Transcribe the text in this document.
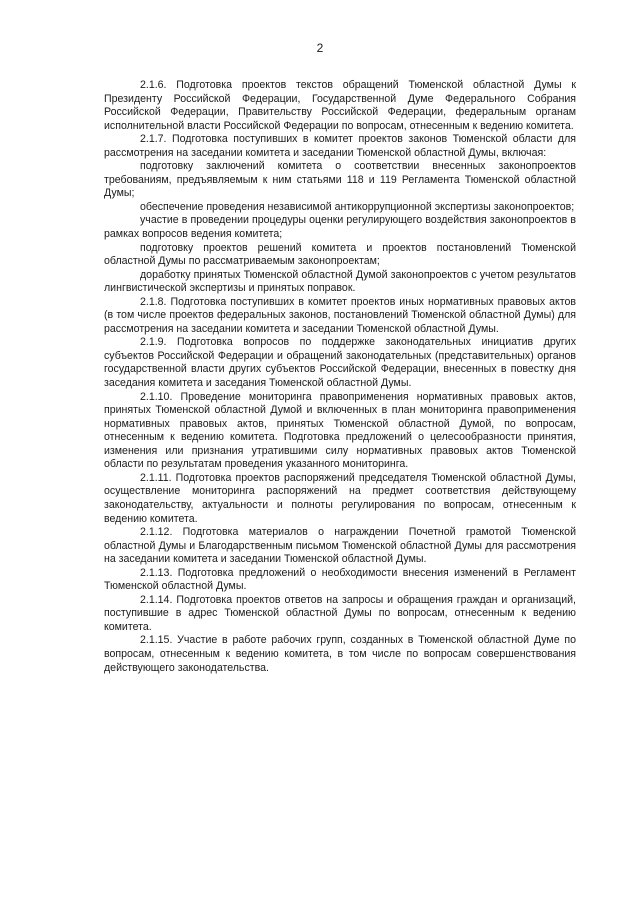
2

2.1.6. Подготовка проектов текстов обращений Тюменской областной Думы к Президенту Российской Федерации, Государственной Думе Федерального Собрания Российской Федерации, Правительству Российской Федерации, федеральным органам исполнительной власти Российской Федерации по вопросам, отнесенным к ведению комитета.

2.1.7. Подготовка поступивших в комитет проектов законов Тюменской области для рассмотрения на заседании комитета и заседании Тюменской областной Думы, включая:

подготовку заключений комитета о соответствии внесенных законопроектов требованиям, предъявляемым к ним статьями 118 и 119 Регламента Тюменской областной Думы;

обеспечение проведения независимой антикоррупционной экспертизы законопроектов;

участие в проведении процедуры оценки регулирующего воздействия законопроектов в рамках вопросов ведения комитета;

подготовку проектов решений комитета и проектов постановлений Тюменской областной Думы по рассматриваемым законопроектам;

доработку принятых Тюменской областной Думой законопроектов с учетом результатов лингвистической экспертизы и принятых поправок.

2.1.8. Подготовка поступивших в комитет проектов иных нормативных правовых актов (в том числе проектов федеральных законов, постановлений Тюменской областной Думы) для рассмотрения на заседании комитета и заседании Тюменской областной Думы.

2.1.9. Подготовка вопросов по поддержке законодательных инициатив других субъектов Российской Федерации и обращений законодательных (представительных) органов государственной власти других субъектов Российской Федерации, внесенных в повестку дня заседания комитета и заседания Тюменской областной Думы.

2.1.10. Проведение мониторинга правоприменения нормативных правовых актов, принятых Тюменской областной Думой и включенных в план мониторинга правоприменения нормативных правовых актов, принятых Тюменской областной Думой, по вопросам, отнесенным к ведению комитета. Подготовка предложений о целесообразности принятия, изменения или признания утратившими силу нормативных правовых актов Тюменской области по результатам проведения указанного мониторинга.

2.1.11. Подготовка проектов распоряжений председателя Тюменской областной Думы, осуществление мониторинга распоряжений на предмет соответствия действующему законодательству, актуальности и полноты регулирования по вопросам, отнесенным к ведению комитета.

2.1.12. Подготовка материалов о награждении Почетной грамотой Тюменской областной Думы и Благодарственным письмом Тюменской областной Думы для рассмотрения на заседании комитета и заседании Тюменской областной Думы.

2.1.13. Подготовка предложений о необходимости внесения изменений в Регламент Тюменской областной Думы.

2.1.14. Подготовка проектов ответов на запросы и обращения граждан и организаций, поступившие в адрес Тюменской областной Думы по вопросам, отнесенным к ведению комитета.

2.1.15. Участие в работе рабочих групп, созданных в Тюменской областной Думе по вопросам, отнесенным к ведению комитета, в том числе по вопросам совершенствования действующего законодательства.
